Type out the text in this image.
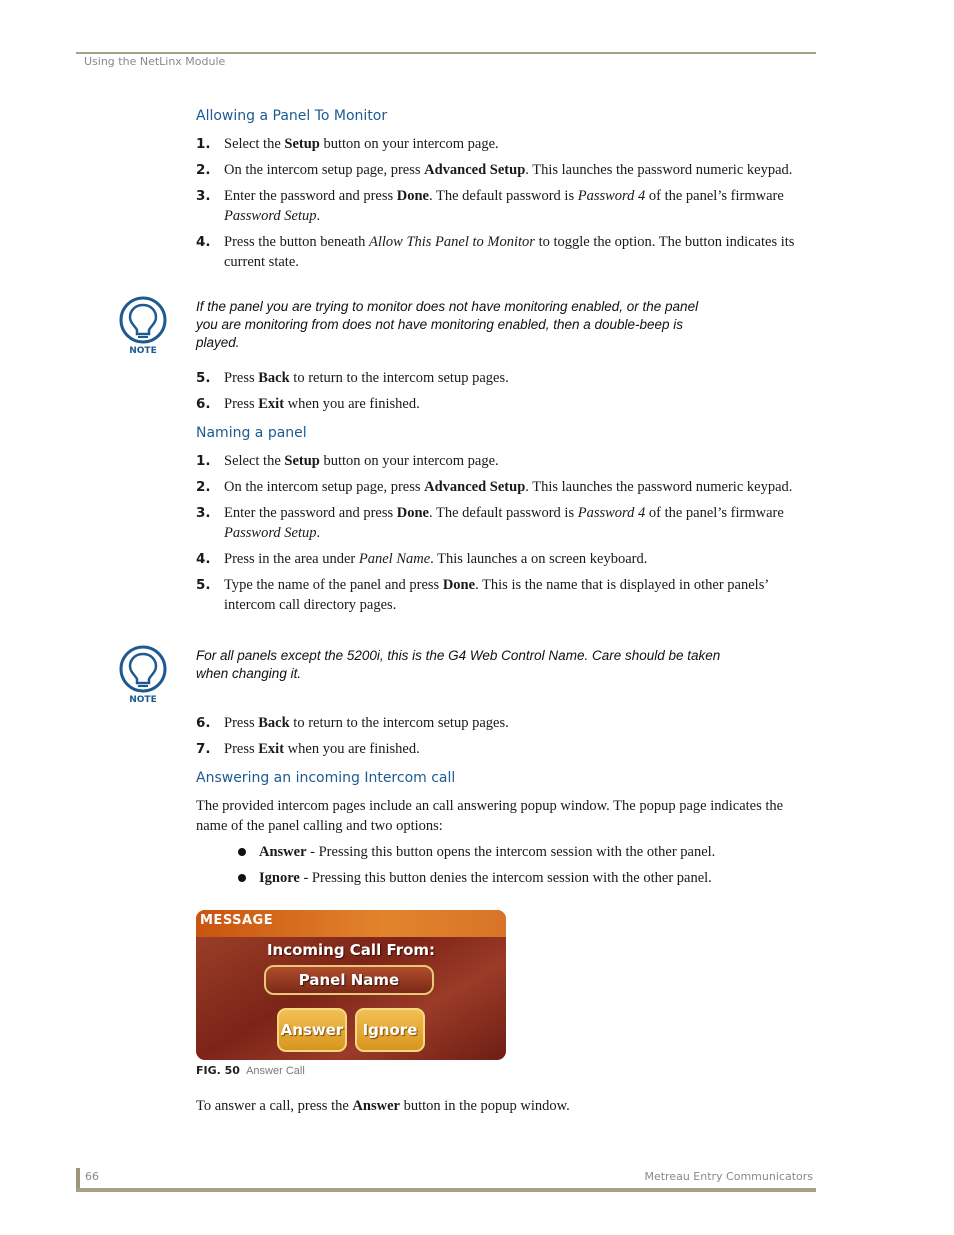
Using the NetLinx Module
Allowing a Panel To Monitor
1. Select the Setup button on your intercom page.
2. On the intercom setup page, press Advanced Setup. This launches the password numeric keypad.
3. Enter the password and press Done. The default password is Password 4 of the panel’s firmware Password Setup.
4. Press the button beneath Allow This Panel to Monitor to toggle the option. The button indicates its current state.
NOTE
If the panel you are trying to monitor does not have monitoring enabled, or the panel you are monitoring from does not have monitoring enabled, then a double-beep is played.
5. Press Back to return to the intercom setup pages.
6. Press Exit when you are finished.
Naming a panel
1. Select the Setup button on your intercom page.
2. On the intercom setup page, press Advanced Setup. This launches the password numeric keypad.
3. Enter the password and press Done. The default password is Password 4 of the panel’s firmware Password Setup.
4. Press in the area under Panel Name. This launches a on screen keyboard.
5. Type the name of the panel and press Done. This is the name that is displayed in other panels’ intercom call directory pages.
NOTE
For all panels except the 5200i, this is the G4 Web Control Name. Care should be taken when changing it.
6. Press Back to return to the intercom setup pages.
7. Press Exit when you are finished.
Answering an incoming Intercom call
The provided intercom pages include an call answering popup window. The popup page indicates the name of the panel calling and two options:
Answer - Pressing this button opens the intercom session with the other panel.
Ignore - Pressing this button denies the intercom session with the other panel.
MESSAGE
Incoming Call From:
Panel Name
Answer	Ignore
FIG. 50 Answer Call
To answer a call, press the Answer button in the popup window.
66	Metreau Entry Communicators
